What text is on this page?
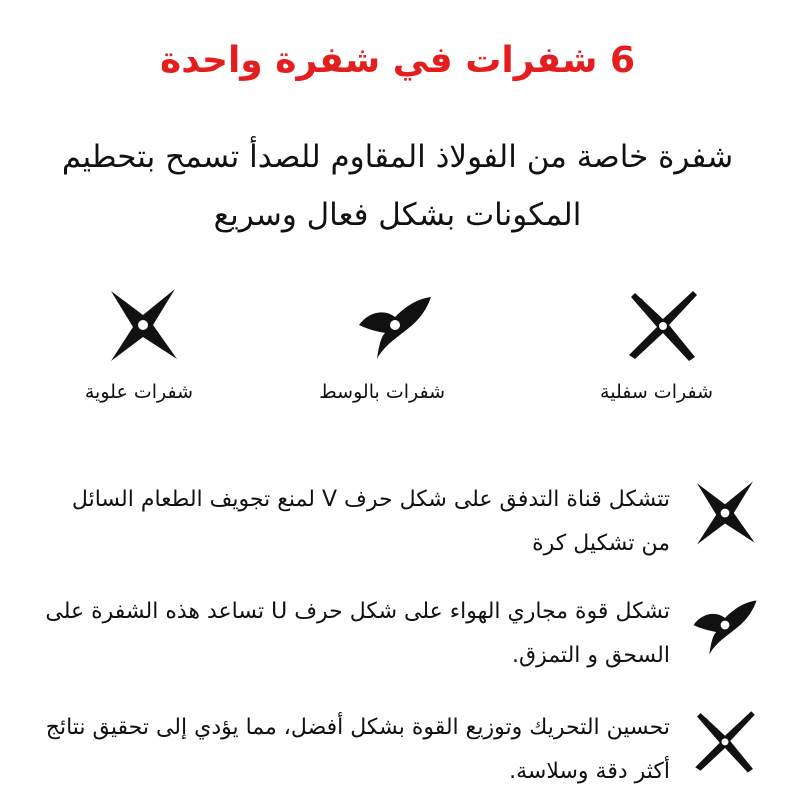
6 شفرات في شفرة واحدة
شفرة خاصة من الفولاذ المقاوم للصدأ تسمح بتحطيم المكونات بشكل فعال وسريع
شفرات سفلية
شفرات بالوسط
شفرات علوية
تتشكل قناة التدفق على شكل حرف V لمنع تجويف الطعام السائل من تشكيل كرة
تشكل قوة مجاري الهواء على شكل حرف U تساعد هذه الشفرة على السحق و التمزق.
تحسين التحريك وتوزيع القوة بشكل أفضل، مما يؤدي إلى تحقيق نتائج أكثر دقة وسلاسة.
